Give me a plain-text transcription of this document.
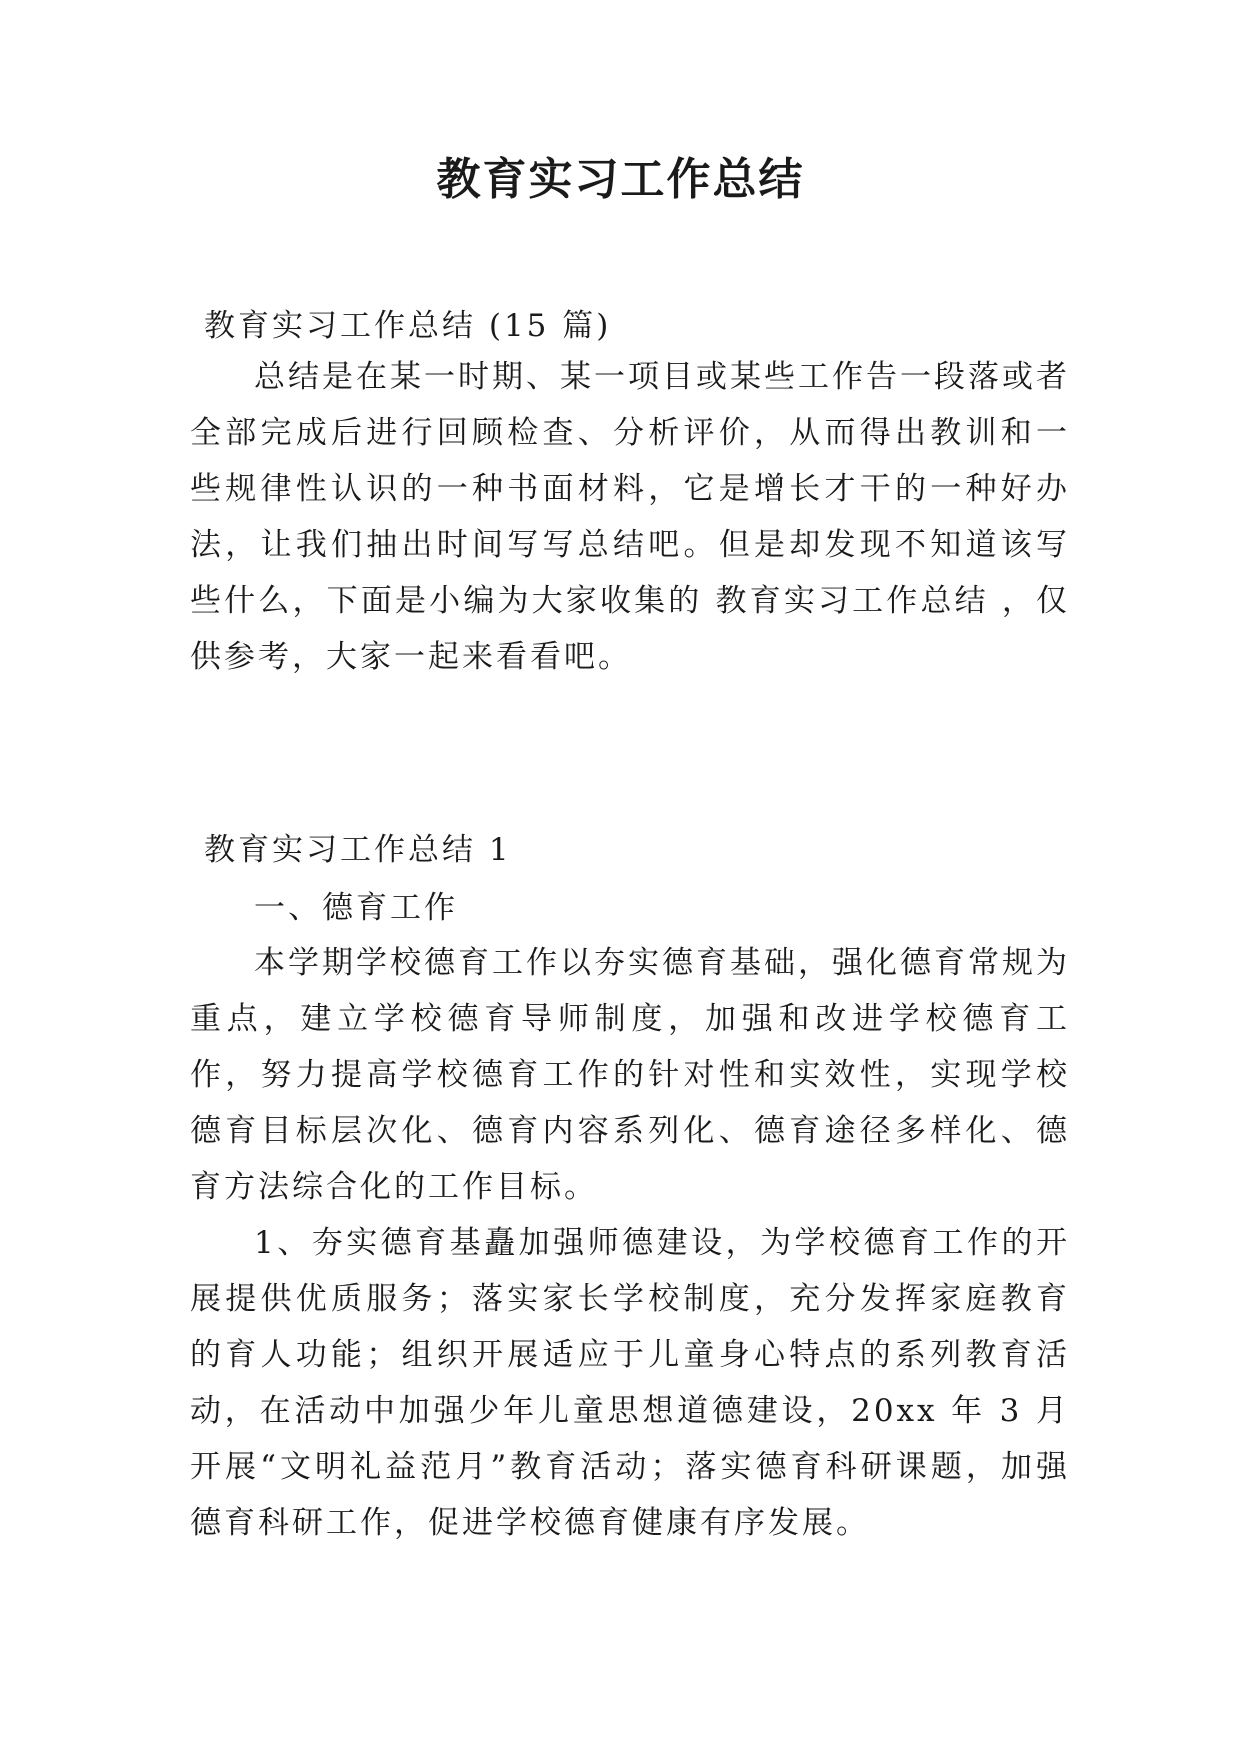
教育实习工作总结
教育实习工作总结 (15 篇)

总结是在某一时期、某一项目或某些工作告一段落或者全部完成后进行回顾检查、分析评价，从而得出教训和一些规律性认识的一种书面材料，它是增长才干的一种好办法，让我们抽出时间写写总结吧。但是却发现不知道该写些什么，下面是小编为大家收集的 教育实习工作总结 ，仅供参考，大家一起来看看吧。

教育实习工作总结 1
一、德育工作

本学期学校德育工作以夯实德育基础，强化德育常规为重点，建立学校德育导师制度，加强和改进学校德育工作，努力提高学校德育工作的针对性和实效性，实现学校德育目标层次化、德育内容系列化、德育途径多样化、德育方法综合化的工作目标。

1、夯实德育基矗加强师德建设，为学校德育工作的开展提供优质服务；落实家长学校制度，充分发挥家庭教育的育人功能；组织开展适应于儿童身心特点的系列教育活动，在活动中加强少年儿童思想道德建设，20xx 年 3 月开展“文明礼益范月”教育活动；落实德育科研课题，加强德育科研工作，促进学校德育健康有序发展。
